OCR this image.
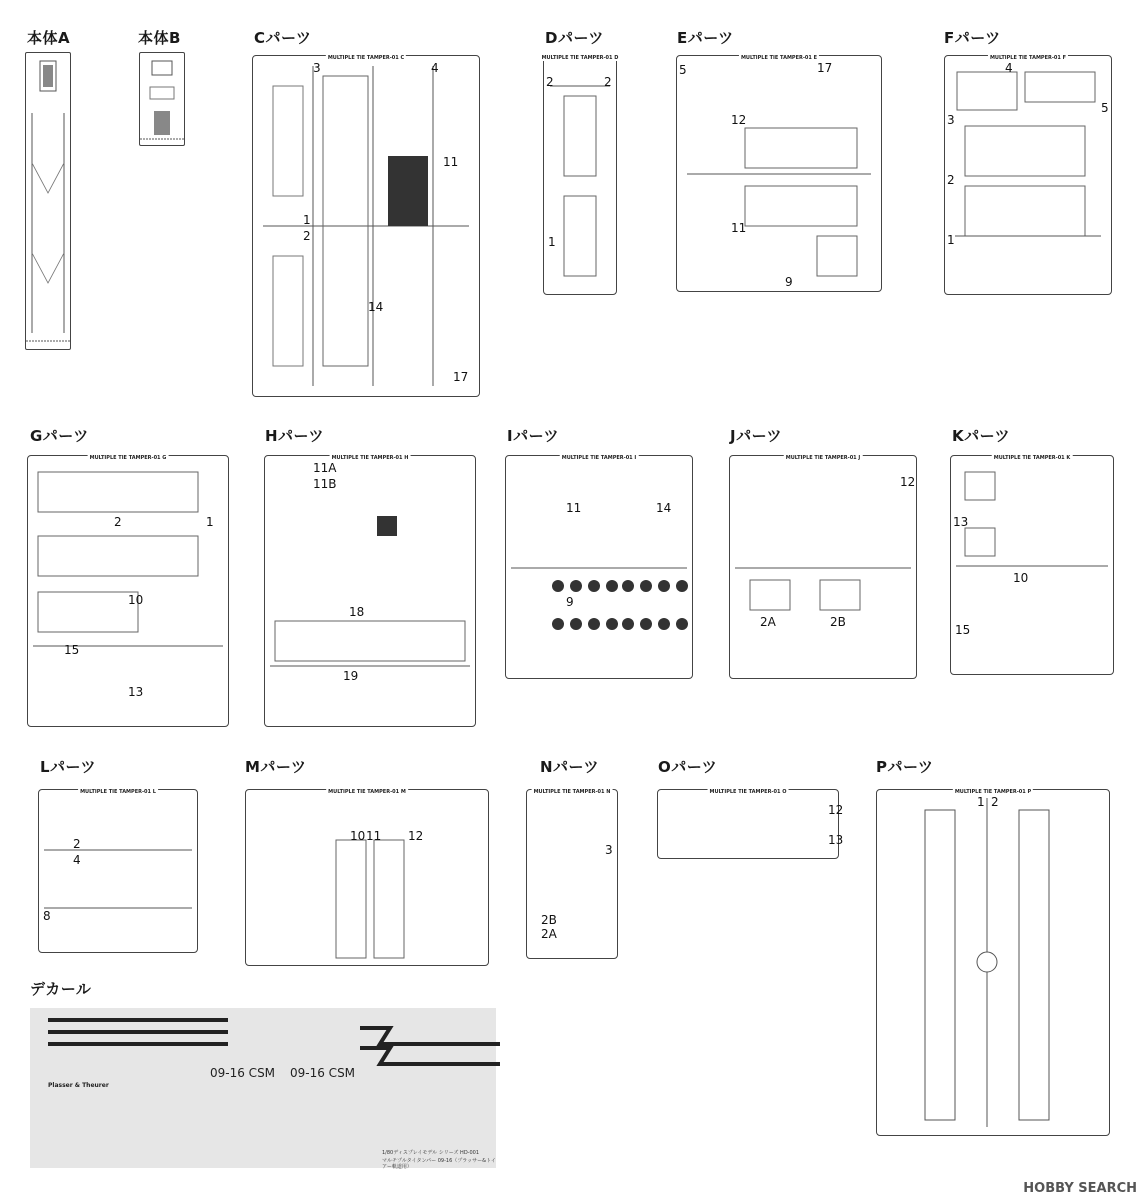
本体A	本体B	Cパーツ	Dパーツ	Eパーツ	Fパーツ
Gパーツ	Hパーツ	Iパーツ	Jパーツ	Kパーツ
Lパーツ	Mパーツ	Nパーツ	Oパーツ	Pパーツ
デカール
MULTIPLE TIE TAMPER-01 C
3	4
1
2
11
14
17
MULTIPLE TIE TAMPER-01 D
2	2
1
MULTIPLE TIE TAMPER-01 E
5	17
12
11
9
MULTIPLE TIE TAMPER-01 F
4
5
3
2
1
MULTIPLE TIE TAMPER-01 G
2	1
10
15
13
MULTIPLE TIE TAMPER-01 H
11A
11B
18
19
MULTIPLE TIE TAMPER-01 I
11	14
9
MULTIPLE TIE TAMPER-01 J
2A	2B
12
MULTIPLE TIE TAMPER-01 K
13
10
15
MULTIPLE TIE TAMPER-01 L
2
4
8
MULTIPLE TIE TAMPER-01 M
10 11 12
MULTIPLE TIE TAMPER-01 N
3
2B
2A
MULTIPLE TIE TAMPER-01 O
12
13
MULTIPLE TIE TAMPER-01 P
1 2
09-16 CSM 09-16 CSM
Plasser & Theurer
1/80ディスプレイモデル シリーズ HD-001
マルチプルタイタンパー 09-16（プラッサー&トイアー軌道用）
HOBBY SEARCH
